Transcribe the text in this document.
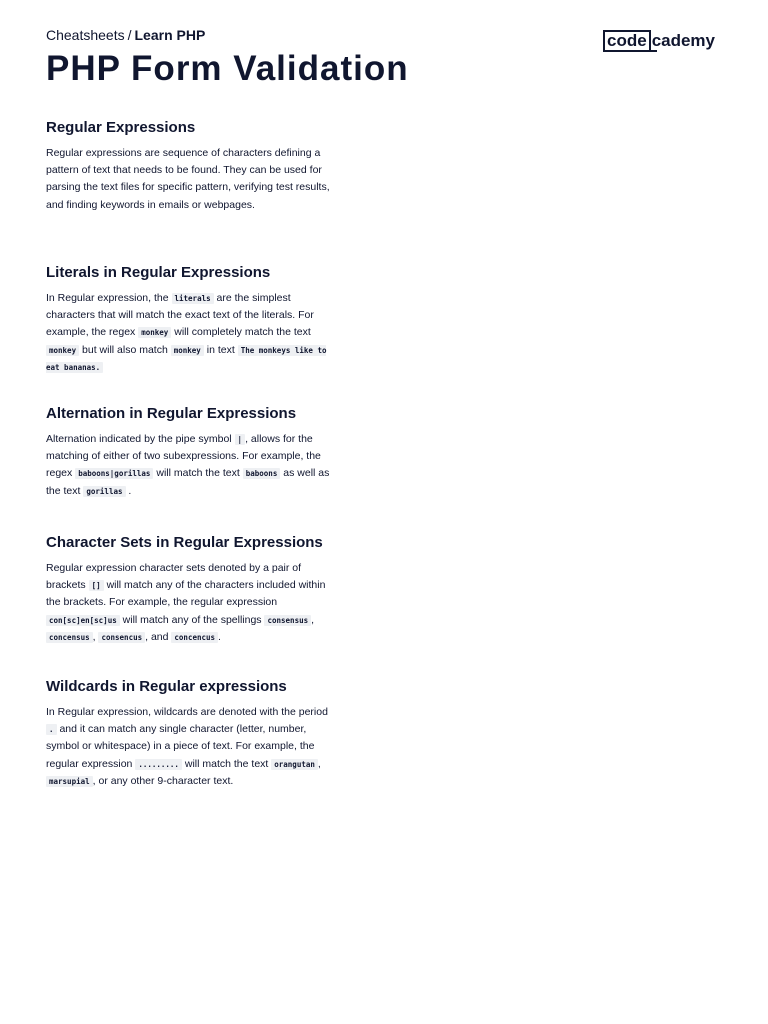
Cheatsheets / Learn PHP
PHP Form Validation
code cademy
Regular Expressions

Regular expressions are sequence of characters defining a pattern of text that needs to be found. They can be used for parsing the text files for specific pattern, verifying test results, and finding keywords in emails or webpages.

Literals in Regular Expressions

In Regular expression, the literals are the simplest characters that will match the exact text of the literals. For example, the regex monkey will completely match the text monkey but will also match monkey in text The monkeys like to eat bananas.

Alternation in Regular Expressions

Alternation indicated by the pipe symbol | , allows for the matching of either of two subexpressions. For example, the regex baboons|gorillas will match the text baboons as well as the text gorillas .

Character Sets in Regular Expressions

Regular expression character sets denoted by a pair of brackets [] will match any of the characters included within the brackets. For example, the regular expression con[sc]en[sc]us will match any of the spellings consensus , concensus , consencus , and concencus .

Wildcards in Regular expressions

In Regular expression, wildcards are denoted with the period . and it can match any single character (letter, number, symbol or whitespace) in a piece of text. For example, the regular expression ......... will match the text orangutan , marsupial , or any other 9-character text.
